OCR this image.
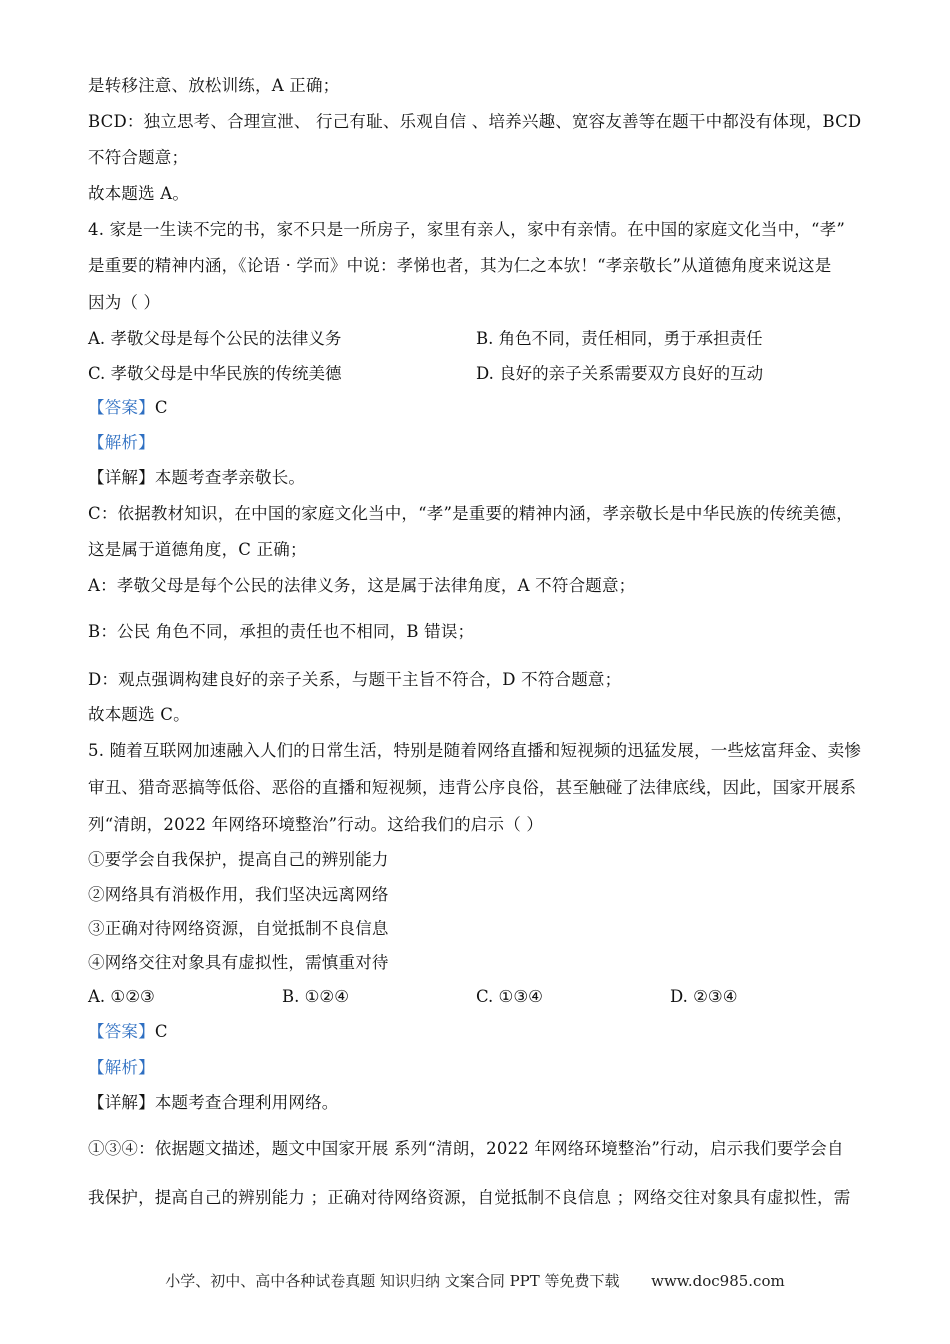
是转移注意、放松训练，A 正确；
BCD：独立思考、合理宣泄、 行己有耻、乐观自信 、培养兴趣、宽容友善等在题干中都没有体现，BCD
不符合题意；
故本题选 A。
4. 家是一生读不完的书，家不只是一所房子，家里有亲人，家中有亲情。在中国的家庭文化当中，“孝”
是重要的精神内涵，《论语 · 学而》中说：孝悌也者，其为仁之本欤！“孝亲敬长”从道德角度来说这是
因为（ ）
A. 孝敬父母是每个公民的法律义务	B. 角色不同，责任相同，勇于承担责任
C. 孝敬父母是中华民族的传统美德	D. 良好的亲子关系需要双方良好的互动
【答案】C
【解析】
【详解】本题考查孝亲敬长。
C：依据教材知识，在中国的家庭文化当中，“孝”是重要的精神内涵，孝亲敬长是中华民族的传统美德，
这是属于道德角度，C 正确；
A：孝敬父母是每个公民的法律义务，这是属于法律角度，A 不符合题意；
B：公民 角色不同，承担的责任也不相同，B 错误；
D：观点强调构建良好的亲子关系，与题干主旨不符合，D 不符合题意；
故本题选 C。
5. 随着互联网加速融入人们的日常生活，特别是随着网络直播和短视频的迅猛发展，一些炫富拜金、卖惨
审丑、猎奇恶搞等低俗、恶俗的直播和短视频，违背公序良俗，甚至触碰了法律底线，因此，国家开展系
列“清朗，2022 年网络环境整治”行动。这给我们的启示（ ）
①要学会自我保护，提高自己的辨别能力
②网络具有消极作用，我们坚决远离网络
③正确对待网络资源，自觉抵制不良信息
④网络交往对象具有虚拟性，需慎重对待
A. ①②③	B. ①②④	C. ①③④	D. ②③④
【答案】C
【解析】
【详解】本题考查合理利用网络。
①③④：依据题文描述，题文中国家开展 系列“清朗，2022 年网络环境整治”行动，启示我们要学会自
我保护，提高自己的辨别能力 ；正确对待网络资源，自觉抵制不良信息 ；网络交往对象具有虚拟性，需
小学、初中、高中各种试卷真题 知识归纳 文案合同 PPT 等免费下载 www.doc985.com
